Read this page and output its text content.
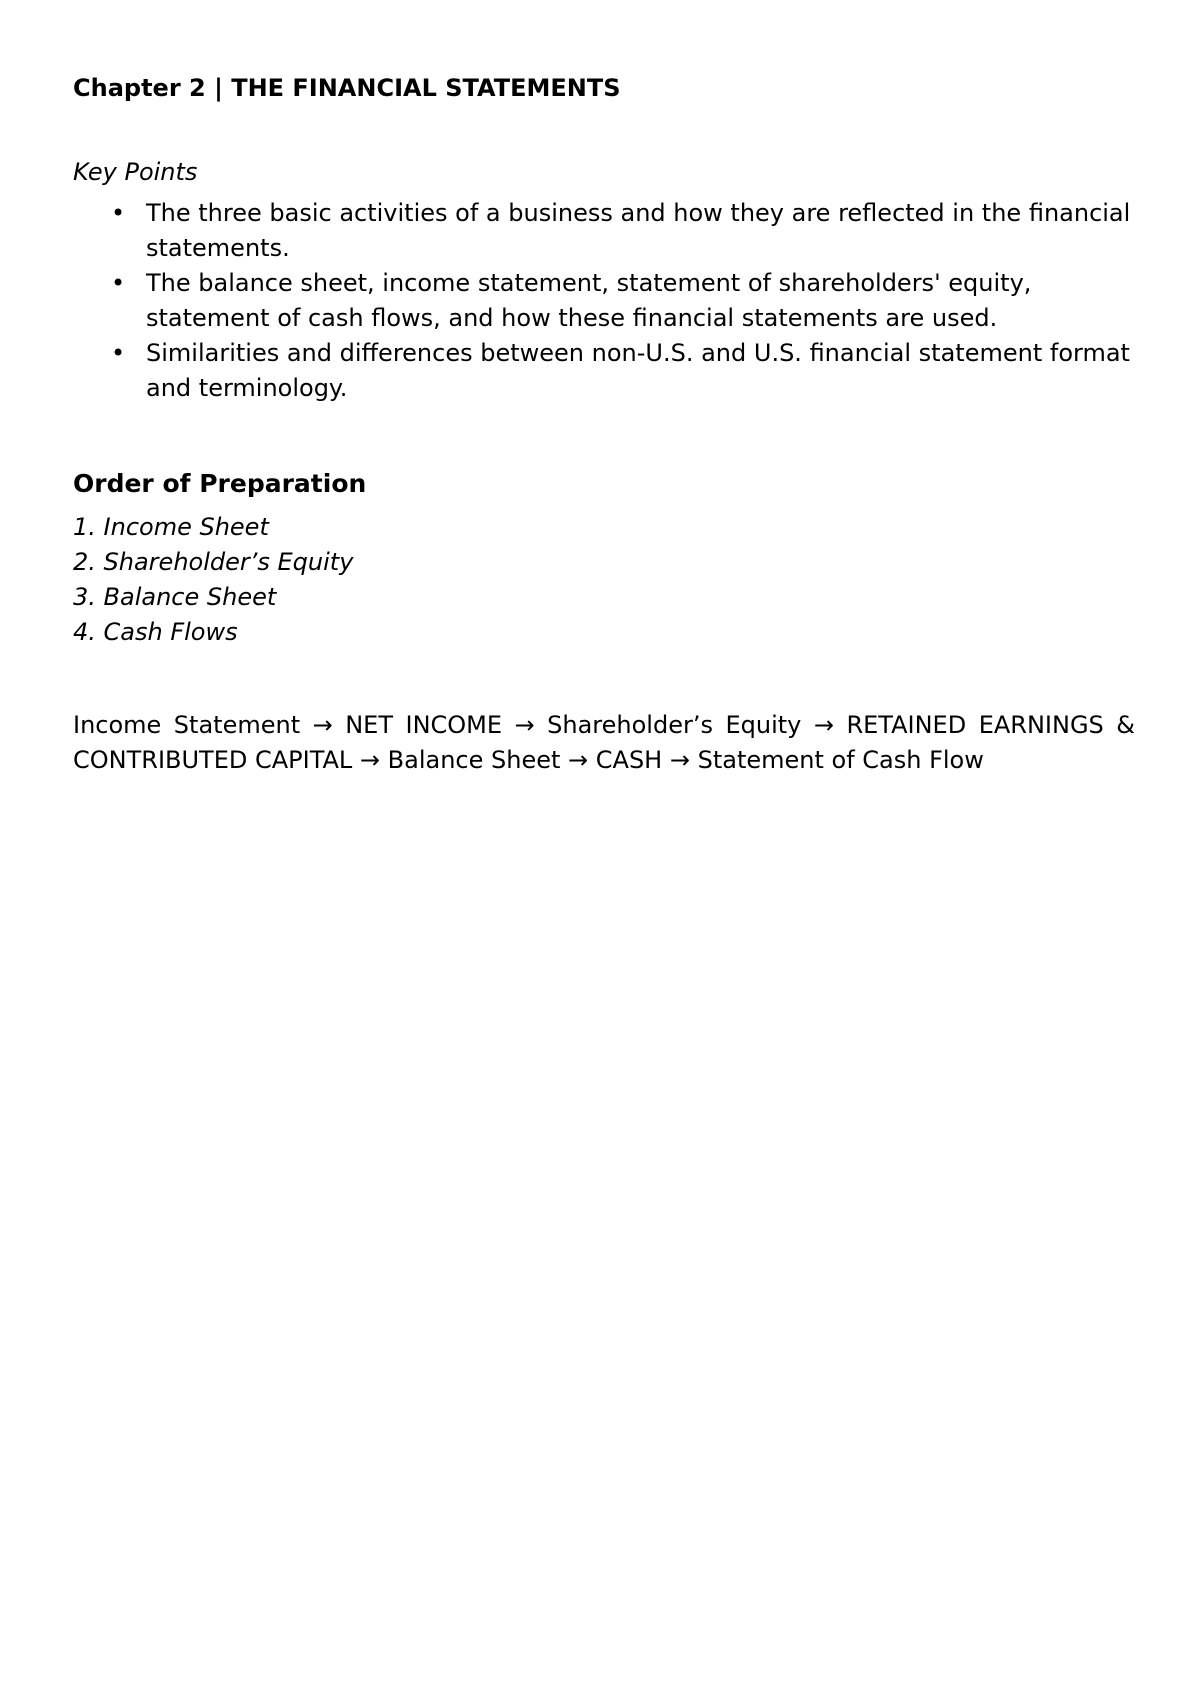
Chapter 2 | THE FINANCIAL STATEMENTS

Key Points

• The three basic activities of a business and how they are reflected in the financial statements.
• The balance sheet, income statement, statement of shareholders' equity, statement of cash flows, and how these financial statements are used.
• Similarities and differences between non-U.S. and U.S. financial statement format and terminology.
Order of Preparation
1. Income Sheet
2. Shareholder’s Equity
3. Balance Sheet
4. Cash Flows

Income Statement → NET INCOME → Shareholder’s Equity → RETAINED EARNINGS & CONTRIBUTED CAPITAL → Balance Sheet → CASH → Statement of Cash Flow
